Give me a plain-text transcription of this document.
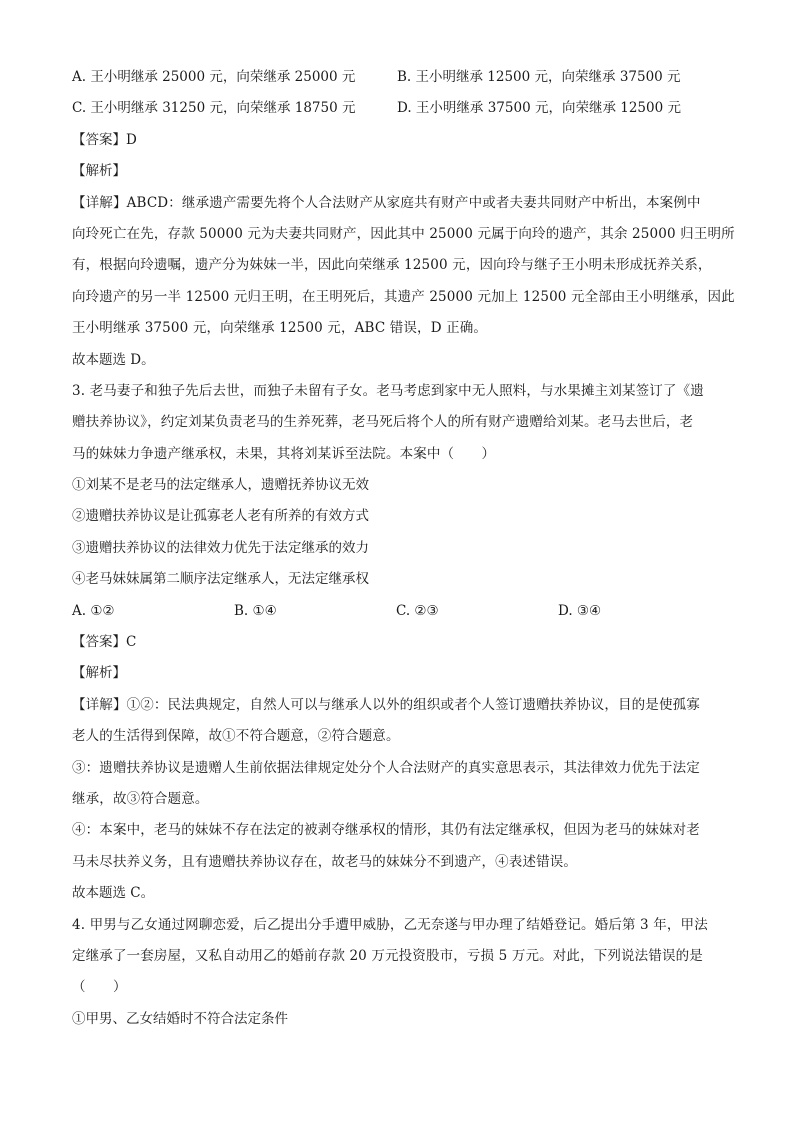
A. 王小明继承 25000 元，向荣继承 25000 元	B. 王小明继承 12500 元，向荣继承 37500 元
C. 王小明继承 31250 元，向荣继承 18750 元	D. 王小明继承 37500 元，向荣继承 12500 元
【答案】D
【解析】
【详解】ABCD：继承遗产需要先将个人合法财产从家庭共有财产中或者夫妻共同财产中析出，本案例中
向玲死亡在先，存款 50000 元为夫妻共同财产，因此其中 25000 元属于向玲的遗产，其余 25000 归王明所
有，根据向玲遗嘱，遗产分为妹妹一半，因此向荣继承 12500 元，因向玲与继子王小明未形成抚养关系，
向玲遗产的另一半 12500 元归王明，在王明死后，其遗产 25000 元加上 12500 元全部由王小明继承，因此
王小明继承 37500 元，向荣继承 12500 元，ABC 错误，D 正确。
故本题选 D。
3. 老马妻子和独子先后去世，而独子未留有子女。老马考虑到家中无人照料，与水果摊主刘某签订了《遗
赠扶养协议》，约定刘某负责老马的生养死葬，老马死后将个人的所有财产遗赠给刘某。老马去世后，老
马的妹妹力争遗产继承权，未果，其将刘某诉至法院。本案中（　　）
①刘某不是老马的法定继承人，遗赠抚养协议无效
②遗赠扶养协议是让孤寡老人老有所养的有效方式
③遗赠扶养协议的法律效力优先于法定继承的效力
④老马妹妹属第二顺序法定继承人，无法定继承权
A. ①②	B. ①④	C. ②③	D. ③④
【答案】C
【解析】
【详解】①②：民法典规定，自然人可以与继承人以外的组织或者个人签订遗赠扶养协议，目的是使孤寡
老人的生活得到保障，故①不符合题意，②符合题意。
③：遗赠扶养协议是遗赠人生前依据法律规定处分个人合法财产的真实意思表示，其法律效力优先于法定
继承，故③符合题意。
④：本案中，老马的妹妹不存在法定的被剥夺继承权的情形，其仍有法定继承权，但因为老马的妹妹对老
马未尽扶养义务，且有遗赠扶养协议存在，故老马的妹妹分不到遗产，④表述错误。
故本题选 C。
4. 甲男与乙女通过网聊恋爱，后乙提出分手遭甲威胁，乙无奈遂与甲办理了结婚登记。婚后第 3 年，甲法
定继承了一套房屋，又私自动用乙的婚前存款 20 万元投资股市，亏损 5 万元。对此，下列说法错误的是
（　　）
①甲男、乙女结婚时不符合法定条件
